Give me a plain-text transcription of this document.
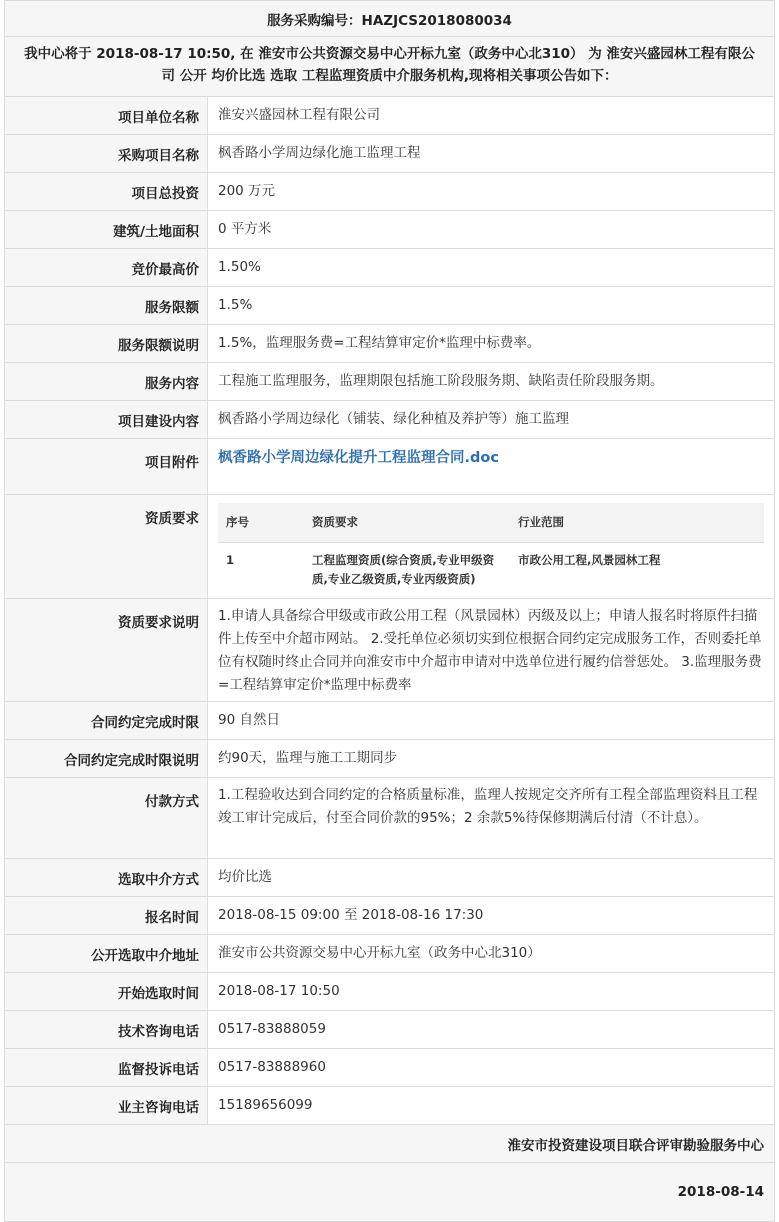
服务采购编号：HAZJCS2018080034
我中心将于 2018-08-17 10:50, 在 淮安市公共资源交易中心开标九室（政务中心北310） 为 淮安兴盛园林工程有限公司 公开 均价比选 选取 工程监理资质中介服务机构,现将相关事项公告如下：
项目单位名称	淮安兴盛园林工程有限公司
采购项目名称	枫香路小学周边绿化施工监理工程
项目总投资	200 万元
建筑/土地面积	0 平方米
竞价最高价	1.50%
服务限额	1.5%
服务限额说明	1.5%，监理服务费=工程结算审定价*监理中标费率。
服务内容	工程施工监理服务，监理期限包括施工阶段服务期、缺陷责任阶段服务期。
项目建设内容	枫香路小学周边绿化（铺装、绿化种植及养护等）施工监理
项目附件	枫香路小学周边绿化提升工程监理合同.doc
资质要求	序号	资质要求	行业范围
1	工程监理资质(综合资质,专业甲级资质,专业乙级资质,专业丙级资质)	市政公用工程,风景园林工程
资质要求说明	1.申请人具备综合甲级或市政公用工程（风景园林）丙级及以上；申请人报名时将原件扫描件上传至中介超市网站。 2.受托单位必须切实到位根据合同约定完成服务工作，否则委托单位有权随时终止合同并向淮安市中介超市申请对中选单位进行履约信誉惩处。 3.监理服务费=工程结算审定价*监理中标费率
合同约定完成时限	90 自然日
合同约定完成时限说明	约90天，监理与施工工期同步
付款方式	1.工程验收达到合同约定的合格质量标准，监理人按规定交齐所有工程全部监理资料且工程竣工审计完成后，付至合同价款的95%；2 余款5%待保修期满后付清（不计息）。
选取中介方式	均价比选
报名时间	2018-08-15 09:00 至 2018-08-16 17:30
公开选取中介地址	淮安市公共资源交易中心开标九室（政务中心北310）
开始选取时间	2018-08-17 10:50
技术咨询电话	0517-83888059
监督投诉电话	0517-83888960
业主咨询电话	15189656099
淮安市投资建设项目联合评审勘验服务中心
2018-08-14
